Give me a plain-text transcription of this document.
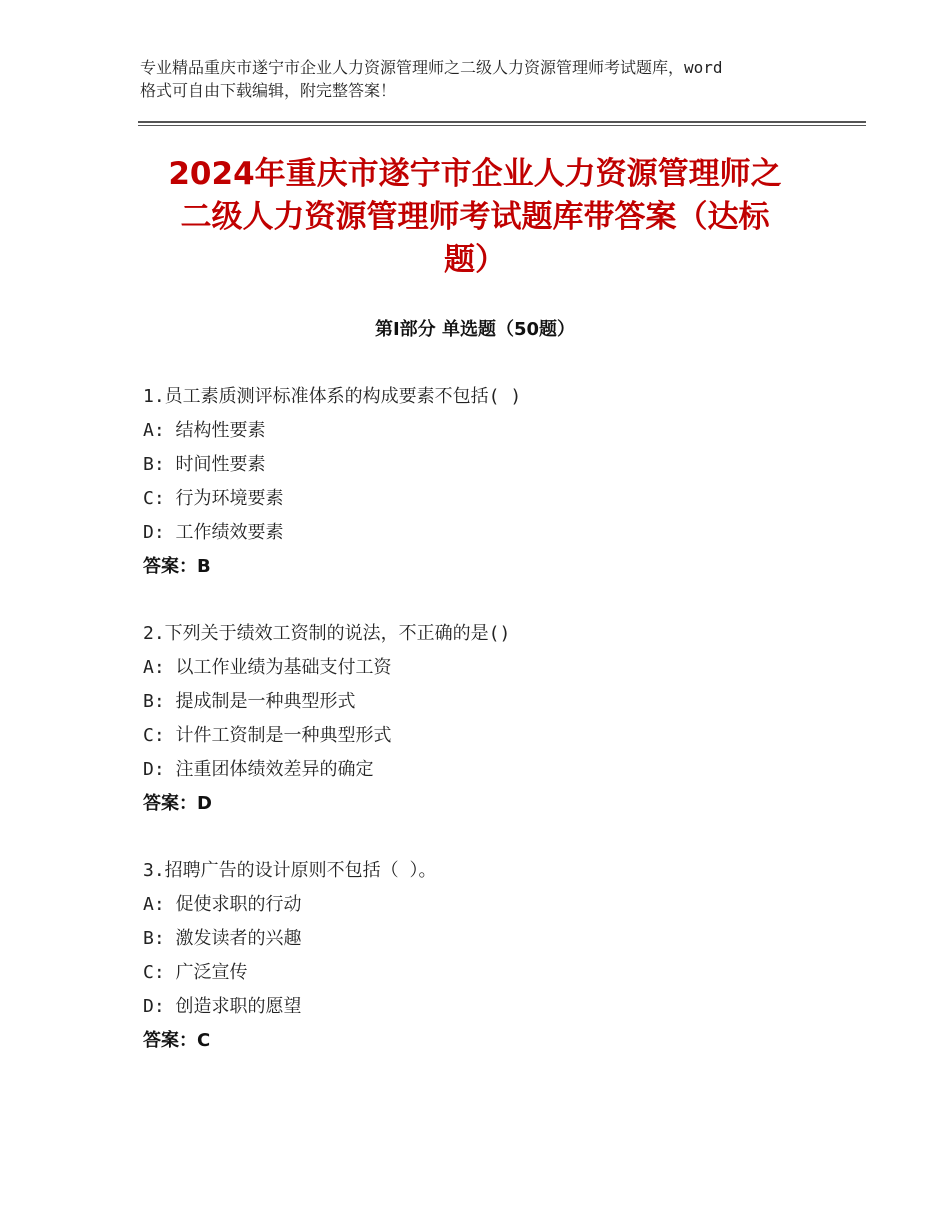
专业精品重庆市遂宁市企业人力资源管理师之二级人力资源管理师考试题库，word
格式可自由下载编辑，附完整答案！
2024年重庆市遂宁市企业人力资源管理师之
二级人力资源管理师考试题库带答案（达标
题）
第Ⅰ部分 单选题（50题）
1.员工素质测评标准体系的构成要素不包括( )
A: 结构性要素
B: 时间性要素
C: 行为环境要素
D: 工作绩效要素
答案：B
2.下列关于绩效工资制的说法，不正确的是()
A: 以工作业绩为基础支付工资
B: 提成制是一种典型形式
C: 计件工资制是一种典型形式
D: 注重团体绩效差异的确定
答案：D
3.招聘广告的设计原则不包括（ ）。
A: 促使求职的行动
B: 激发读者的兴趣
C: 广泛宣传
D: 创造求职的愿望
答案：C
